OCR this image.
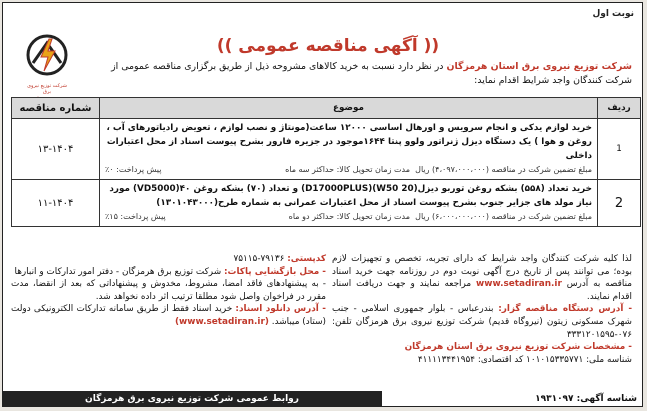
نوبت اول
شرکت توزیع نیروی برق
(( آگهی مناقصه عمومی ))
شرکت توزیع نیروی برق استان هرمزگان در نظر دارد نسبت به خرید کالاهای مشروحه ذیل از طریق برگزاری مناقصه عمومی از شرکت کنندگان واجد شرایط اقدام نماید:
ردیف	موضوع	شماره مناقصه
1	خرید لوازم یدکی و انجام سرویس و اورهال اساسی ۱۲۰۰۰ ساعت(مونتاژ و نصب لوازم ، تعویض رادیاتورهای آب ، روغن و هوا ) یک دستگاه دیزل ژنراتور ولوو پنتا ۱۶۴۴موجود در جزیره فارور بشرح پیوست اسناد از محل اعتبارات داخلی
مبلغ تضمین شرکت در مناقصه (۴،۰۹۷،۰۰۰،۰۰۰) ریال  مدت زمان تحویل کالا: حداکثر سه ماه
پیش پرداخت: ۰٪	۱۳-۱۴۰۴
2	خرید تعداد (۵۵۸) بشکه روغن توربو دیزل(20 W50)(D17000PLUS) و تعداد (۷۰) بشکه روغن ۴۰(VD5000) مورد نیاز مولد های جزایر جنوب بشرح پیوست اسناد از محل اعتبارات عمرانی به شماره طرح(۱۳۰۱۰۴۳۰۰۰)
مبلغ تضمین شرکت در مناقصه (۶،۰۰۰،۰۰۰،۰۰۰) ریال  مدت زمان تحویل کالا: حداکثر دو ماه
پیش پرداخت: ۱۵٪	۱۱-۱۴۰۴
لذا کلیه شرکت کنندگان واجد شرایط که دارای تجربه، تخصص و تجهیزات لازم بوده؛ می توانند پس از تاریخ درج آگهی نوبت دوم در روزنامه جهت خرید اسناد مناقصه به آدرس www.setadiran.ir مراجعه نمایند و جهت دریافت اسناد اقدام نمایند.
- آدرس دستگاه مناقصه گزار: بندرعباس - بلوار جمهوری اسلامی - جنب شهرک مسکونی زیتون (نیروگاه قدیم) شرکت توزیع نیروی برق هرمزگان تلفن: ۰۷۶-۳۳۳۱۲۰۱۵۹۵
- مشخصات شرکت توزیع نیروی برق استان هرمزگان
شناسه ملی: ۱۰۱۰۱۵۳۳۵۷۷۱ کد اقتصادی: ۴۱۱۱۱۳۴۴۱۹۵۴
کدپستی: ۷۹۱۳۶-۷۵۱۱۵
- محل بازگشایی پاکات: شرکت توزیع برق هرمزگان - دفتر امور تدارکات و انبارها
- به پیشنهادهای فاقد امضا، مشروط، مخدوش و پیشنهاداتی که بعد از انقضا، مدت مقرر در فراخوان واصل شود مطلقا ترتیب اثر داده نخواهد شد.
- آدرس دانلود اسناد: خرید اسناد فقط از طریق سامانه تدارکات الکترونیکی دولت (ستاد) میباشد. (www.setadiran.ir)
روابط عمومی شرکت توزیع نیروی برق هرمزگان	شناسه آگهی: ۱۹۳۱۰۹۷
